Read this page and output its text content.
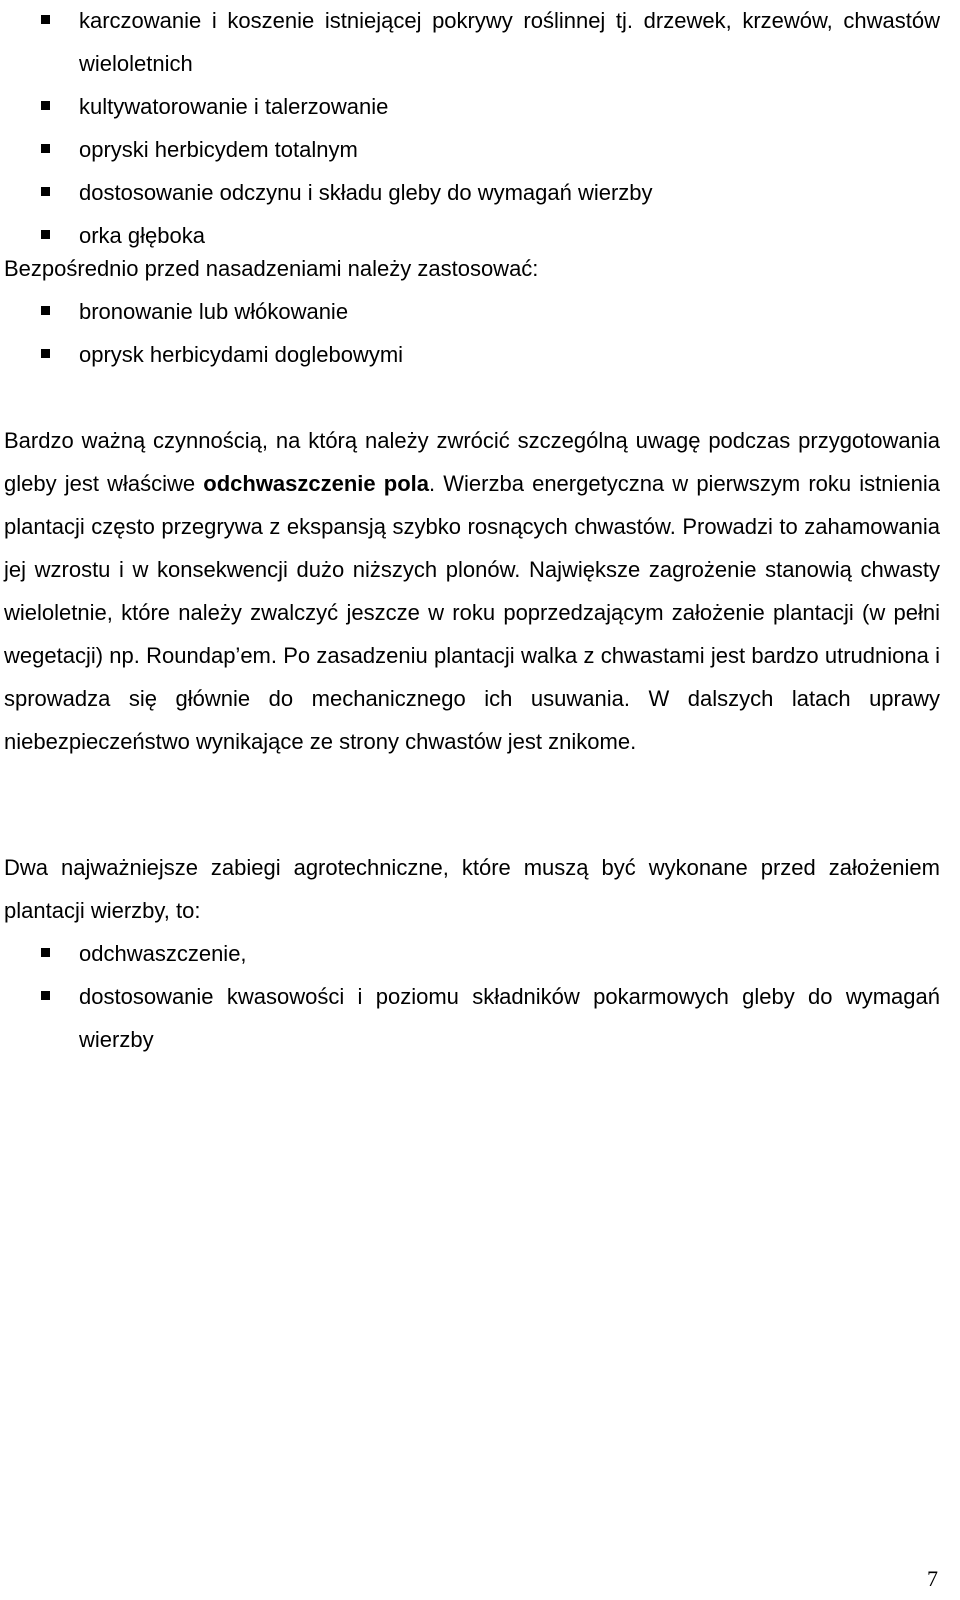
karczowanie i koszenie istniejącej pokrywy roślinnej tj. drzewek, krzewów, chwastów wieloletnich
kultywatorowanie i talerzowanie
opryski herbicydem totalnym
dostosowanie odczynu i składu gleby do wymagań wierzby
orka głęboka

Bezpośrednio przed nasadzeniami należy zastosować:

bronowanie lub włókowanie
oprysk herbicydami doglebowymi

Bardzo ważną czynnością, na którą należy zwrócić szczególną uwagę podczas przygotowania gleby jest właściwe odchwaszczenie pola. Wierzba energetyczna w pierwszym roku istnienia plantacji często przegrywa z ekspansją szybko rosnących chwastów. Prowadzi to zahamowania jej wzrostu i w konsekwencji dużo niższych plonów. Największe zagrożenie stanowią chwasty wieloletnie, które należy zwalczyć jeszcze w roku poprzedzającym założenie plantacji (w pełni wegetacji) np. Roundap’em. Po zasadzeniu plantacji walka z chwastami jest bardzo utrudniona i sprowadza się głównie do mechanicznego ich usuwania. W dalszych latach uprawy niebezpieczeństwo wynikające ze strony chwastów jest znikome.

Dwa najważniejsze zabiegi agrotechniczne, które muszą być wykonane przed założeniem plantacji wierzby, to:

odchwaszczenie,
dostosowanie kwasowości i poziomu składników pokarmowych gleby do wymagań wierzby
7
